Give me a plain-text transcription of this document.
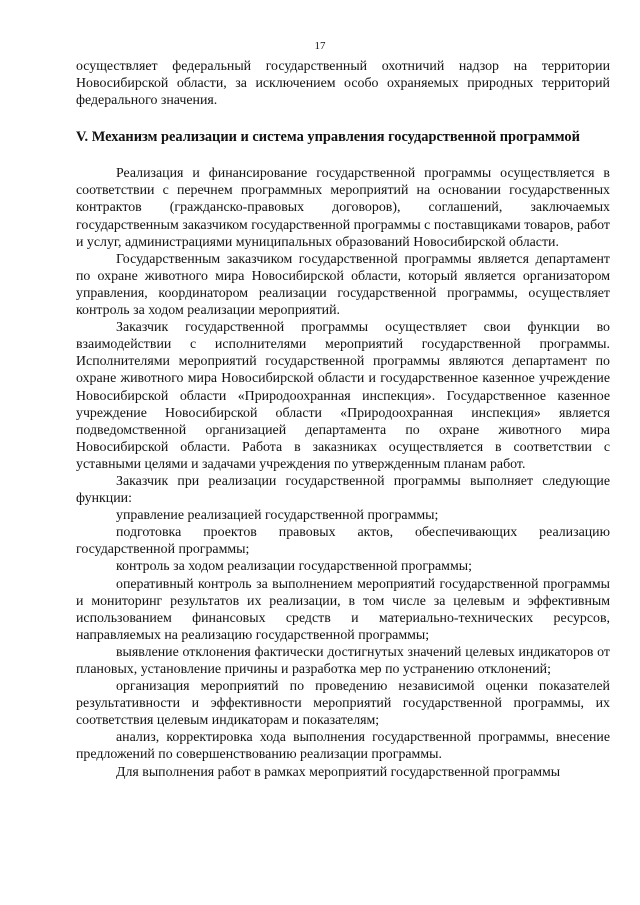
17

осуществляет федеральный государственный охотничий надзор на территории Новосибирской области, за исключением особо охраняемых природных территорий федерального значения.

V. Механизм реализации и система управления государственной программой

Реализация и финансирование государственной программы осуществляется в соответствии с перечнем программных мероприятий на основании государственных контрактов (гражданско-правовых договоров), соглашений, заключаемых государственным заказчиком государственной программы с поставщиками товаров, работ и услуг, администрациями муниципальных образований Новосибирской области.

Государственным заказчиком государственной программы является департамент по охране животного мира Новосибирской области, который является организатором управления, координатором реализации государственной программы, осуществляет контроль за ходом реализации мероприятий.

Заказчик государственной программы осуществляет свои функции во взаимодействии с исполнителями мероприятий государственной программы. Исполнителями мероприятий государственной программы являются департамент по охране животного мира Новосибирской области и государственное казенное учреждение Новосибирской области «Природоохранная инспекция». Государственное казенное учреждение Новосибирской области «Природоохранная инспекция» является подведомственной организацией департамента по охране животного мира Новосибирской области. Работа в заказниках осуществляется в соответствии с уставными целями и задачами учреждения по утвержденным планам работ.

Заказчик при реализации государственной программы выполняет следующие функции:

управление реализацией государственной программы;

подготовка проектов правовых актов, обеспечивающих реализацию государственной программы;

контроль за ходом реализации государственной программы;

оперативный контроль за выполнением мероприятий государственной программы и мониторинг результатов их реализации, в том числе за целевым и эффективным использованием финансовых средств и материально-технических ресурсов, направляемых на реализацию государственной программы;

выявление отклонения фактически достигнутых значений целевых индикаторов от плановых, установление причины и разработка мер по устранению отклонений;

организация мероприятий по проведению независимой оценки показателей результативности и эффективности мероприятий государственной программы, их соответствия целевым индикаторам и показателям;

анализ, корректировка хода выполнения государственной программы, внесение предложений по совершенствованию реализации программы.

Для выполнения работ в рамках мероприятий государственной программы
